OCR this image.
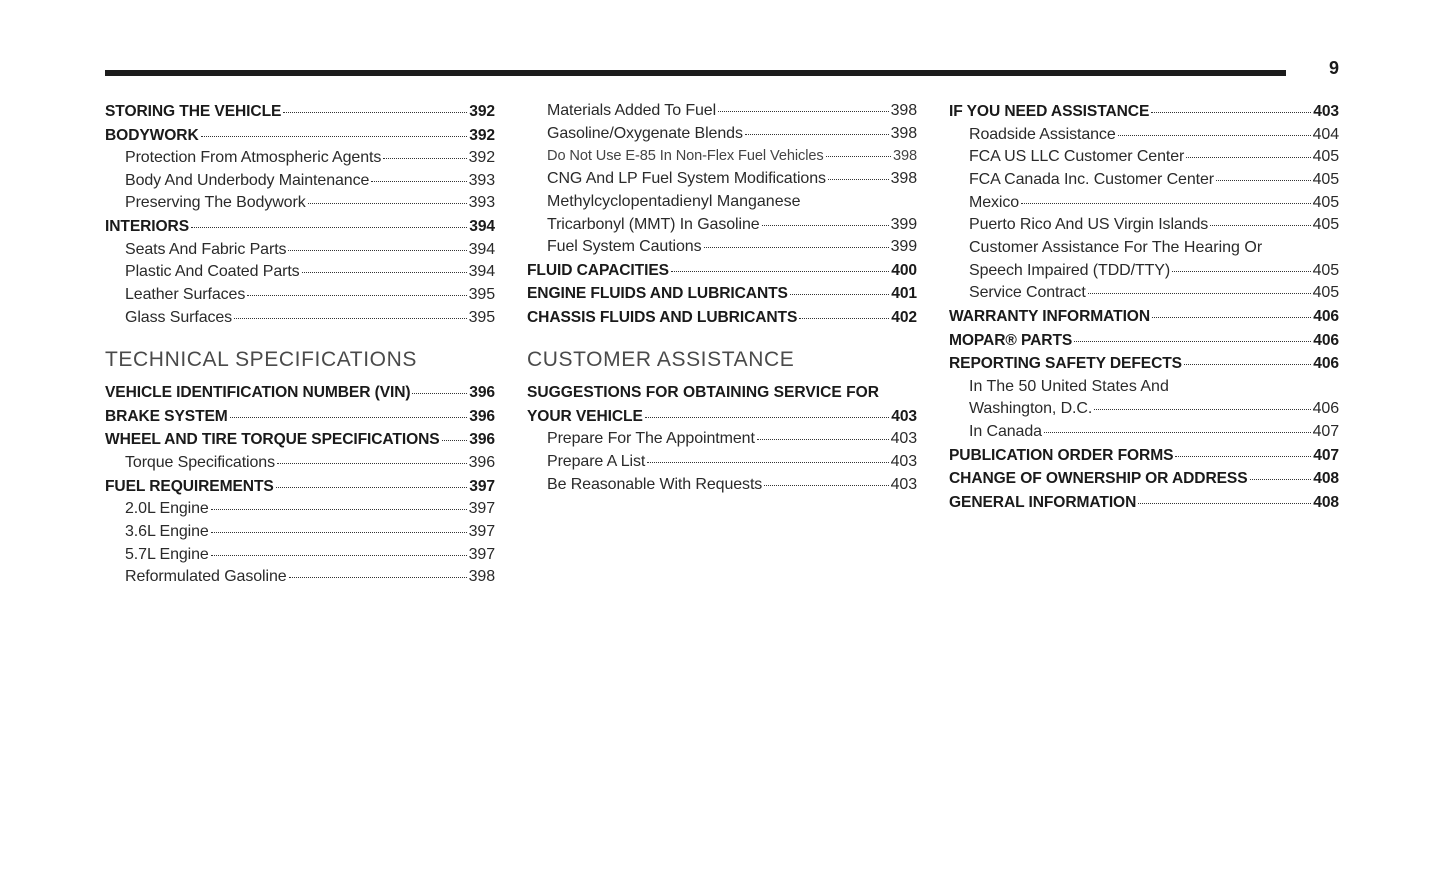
9
STORING THE VEHICLE	392
BODYWORK	392
Protection From Atmospheric Agents	392
Body And Underbody Maintenance	393
Preserving The Bodywork	393
INTERIORS	394
Seats And Fabric Parts	394
Plastic And Coated Parts	394
Leather Surfaces	395
Glass Surfaces	395
TECHNICAL SPECIFICATIONS
VEHICLE IDENTIFICATION NUMBER (VIN)	396
BRAKE SYSTEM	396
WHEEL AND TIRE TORQUE SPECIFICATIONS 396
Torque Specifications	396
FUEL REQUIREMENTS	397
2.0L Engine	397
3.6L Engine	397
5.7L Engine	397
Reformulated Gasoline	398
Materials Added To Fuel	398
Gasoline/Oxygenate Blends	398
Do Not Use E-85 In Non-Flex Fuel Vehicles	398
CNG And LP Fuel System Modifications	398
Methylcyclopentadienyl Manganese
Tricarbonyl (MMT) In Gasoline	399
Fuel System Cautions	399
FLUID CAPACITIES	400
ENGINE FLUIDS AND LUBRICANTS	401
CHASSIS FLUIDS AND LUBRICANTS	402
CUSTOMER ASSISTANCE
SUGGESTIONS FOR OBTAINING SERVICE FOR
YOUR VEHICLE	403
Prepare For The Appointment	403
Prepare A List	403
Be Reasonable With Requests	403
IF YOU NEED ASSISTANCE	403
Roadside Assistance	404
FCA US LLC Customer Center	405
FCA Canada Inc. Customer Center	405
Mexico	405
Puerto Rico And US Virgin Islands	405
Customer Assistance For The Hearing Or
Speech Impaired (TDD/TTY)	405
Service Contract	405
WARRANTY INFORMATION	406
MOPAR® PARTS	406
REPORTING SAFETY DEFECTS	406
In The 50 United States And
Washington, D.C.	406
In Canada	407
PUBLICATION ORDER FORMS	407
CHANGE OF OWNERSHIP OR ADDRESS	408
GENERAL INFORMATION	408
